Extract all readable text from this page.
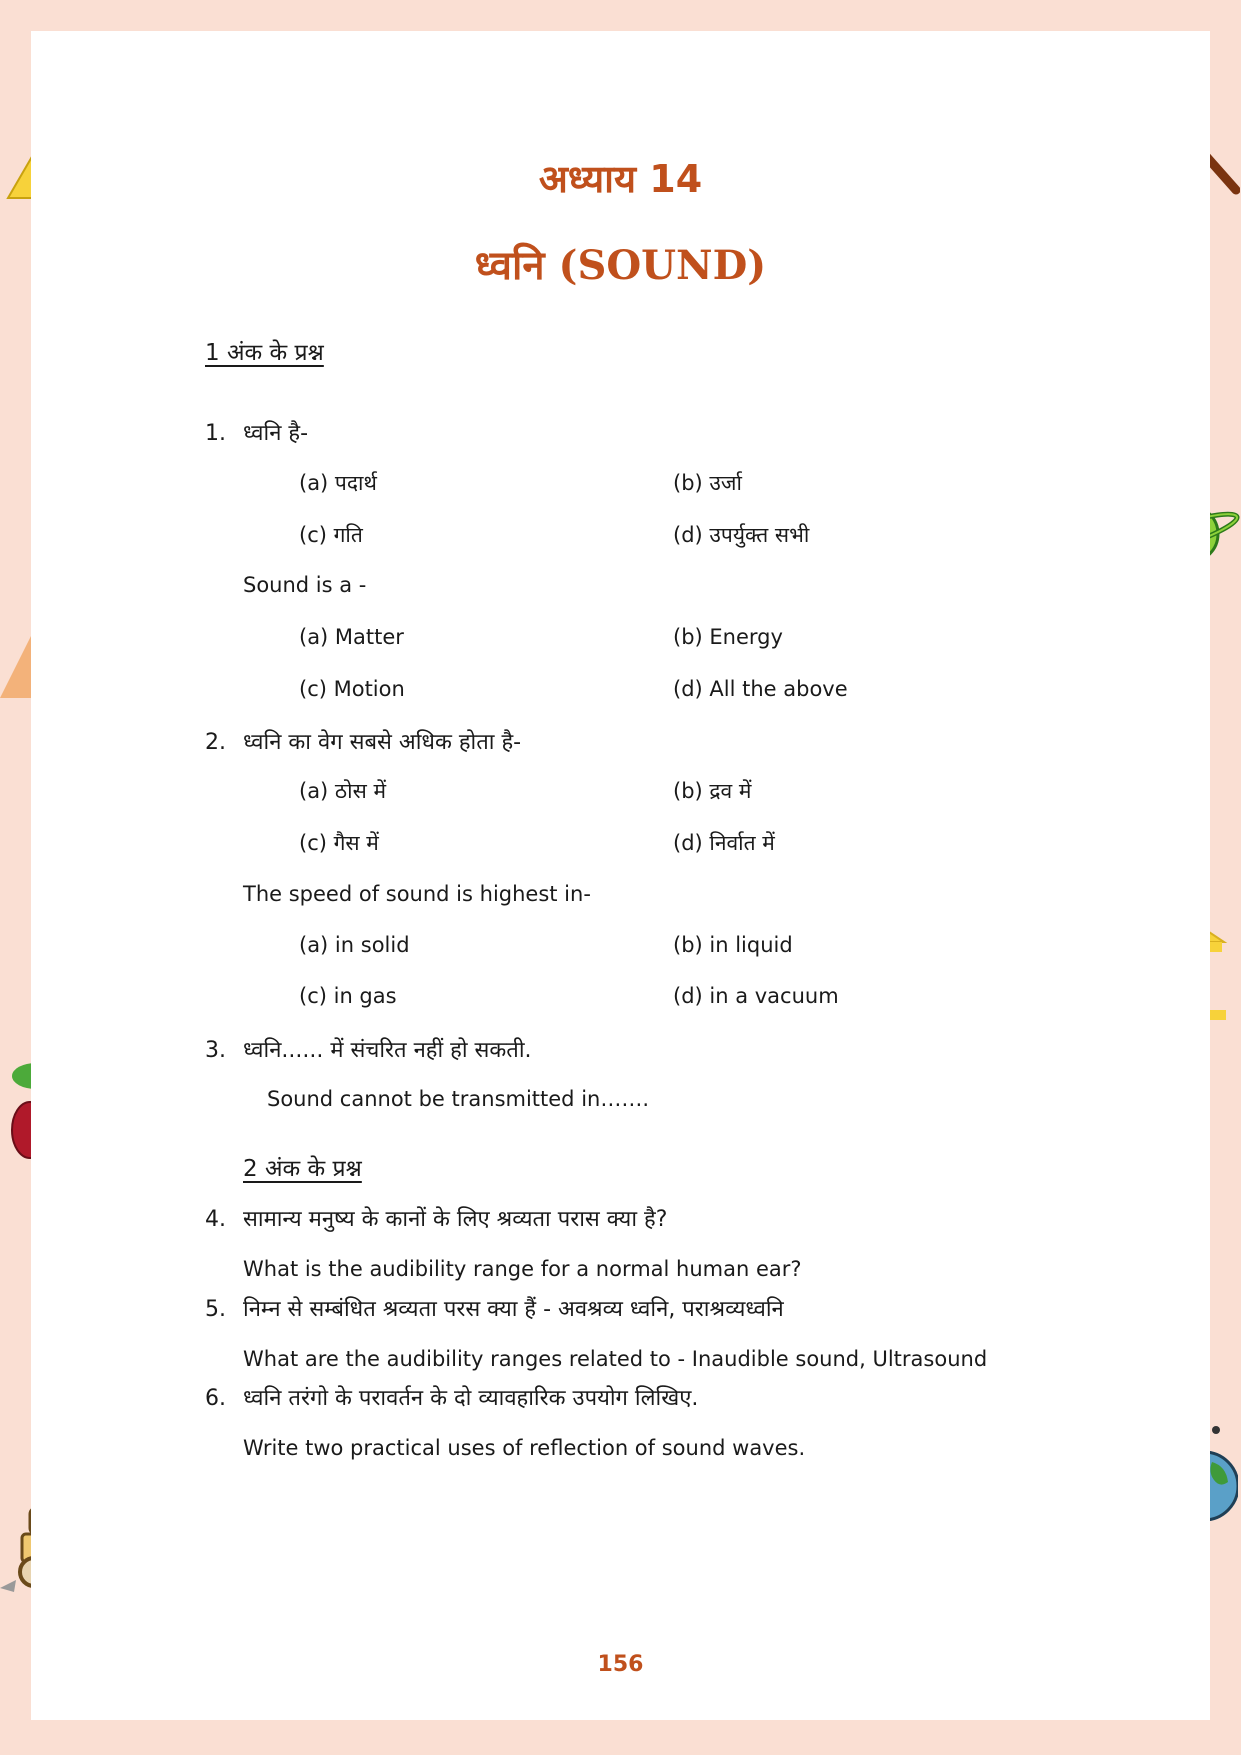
अध्याय 14
ध्वनि (SOUND)
1 अंक के प्रश्न
1. ध्वनि है-
(a) पदार्थ	(b) उर्जा
(c) गति	(d) उपर्युक्त सभी
Sound is a -
(a) Matter	(b) Energy
(c) Motion	(d) All the above
2. ध्वनि का वेग सबसे अधिक होता है-
(a) ठोस में	(b) द्रव में
(c) गैस में	(d) निर्वात में
The speed of sound is highest in-
(a) in solid	(b) in liquid
(c) in gas	(d) in a vacuum
3. ध्वनि...... में संचरित नहीं हो सकती.
Sound cannot be transmitted in…….
2 अंक के प्रश्न
4. सामान्य मनुष्य के कानों के लिए श्रव्यता परास क्या है?
What is the audibility range for a normal human ear?
5. निम्न से सम्बंधित श्रव्यता परस क्या हैं - अवश्रव्य ध्वनि, पराश्रव्यध्वनि
What are the audibility ranges related to - Inaudible sound, Ultrasound
6. ध्वनि तरंगो के परावर्तन के दो व्यावहारिक उपयोग लिखिए.
Write two practical uses of reflection of sound waves.
156
